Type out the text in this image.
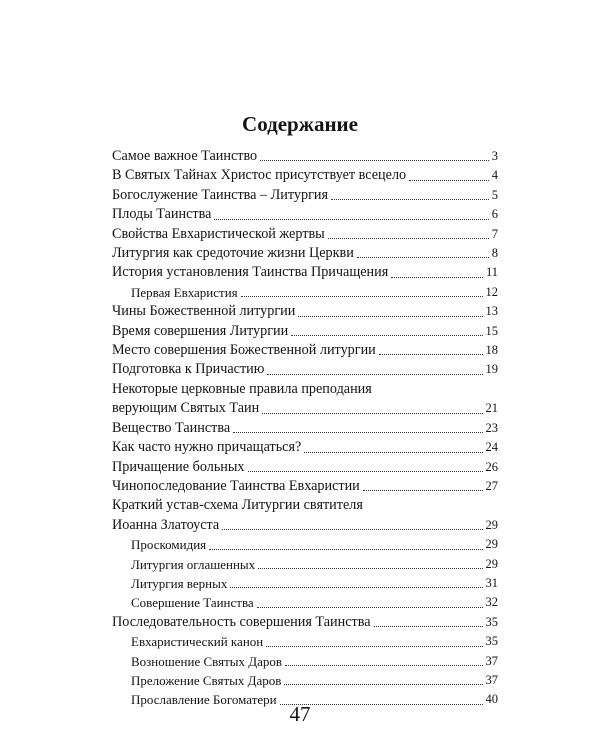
Содержание
Самое важное Таинство	3
В Святых Тайнах Христос присутствует всецело	4
Богослужение Таинства – Литургия	5
Плоды Таинства	6
Свойства Евхаристической жертвы	7
Литургия как средоточие жизни Церкви	8
История установления Таинства Причащения	11
Первая Евхаристия	12
Чины Божественной литургии	13
Время совершения Литургии	15
Место совершения Божественной литургии	18
Подготовка к Причастию	19
Некоторые церковные правила преподания
верующим Святых Таин	21
Вещество Таинства	23
Как часто нужно причащаться?	24
Причащение больных	26
Чинопоследование Таинства Евхаристии	27
Краткий устав-схема Литургии святителя
Иоанна Златоуста	29
Проскомидия	29
Литургия оглашенных	29
Литургия верных	31
Совершение Таинства	32
Последовательность совершения Таинства	35
Евхаристический канон	35
Возношение Святых Даров	37
Преложение Святых Даров	37
Прославление Богоматери	40
47
